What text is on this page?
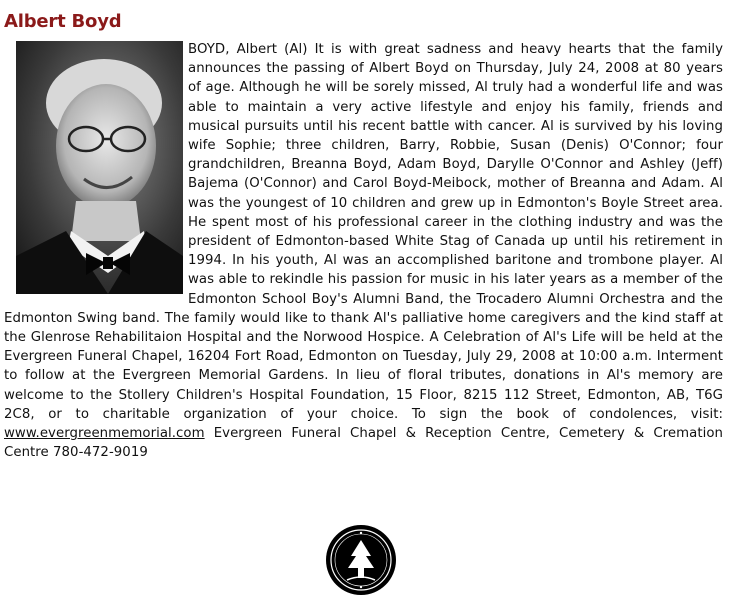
Albert Boyd
BOYD, Albert (Al) It is with great sadness and heavy hearts that the family announces the passing of Albert Boyd on Thursday, July 24, 2008 at 80 years of age. Although he will be sorely missed, Al truly had a wonderful life and was able to maintain a very active lifestyle and enjoy his family, friends and musical pursuits until his recent battle with cancer. Al is survived by his loving wife Sophie; three children, Barry, Robbie, Susan (Denis) O'Connor; four grandchildren, Breanna Boyd, Adam Boyd, Darylle O'Connor and Ashley (Jeff) Bajema (O'Connor) and Carol Boyd-Meibock, mother of Breanna and Adam. Al was the youngest of 10 children and grew up in Edmonton's Boyle Street area. He spent most of his professional career in the clothing industry and was the president of Edmonton-based White Stag of Canada up until his retirement in 1994. In his youth, Al was an accomplished baritone and trombone player. Al was able to rekindle his passion for music in his later years as a member of the Edmonton School Boy's Alumni Band, the Trocadero Alumni Orchestra and the Edmonton Swing band. The family would like to thank Al's palliative home caregivers and the kind staff at the Glenrose Rehabilitaion Hospital and the Norwood Hospice. A Celebration of Al's Life will be held at the Evergreen Funeral Chapel, 16204 Fort Road, Edmonton on Tuesday, July 29, 2008 at 10:00 a.m. Interment to follow at the Evergreen Memorial Gardens. In lieu of floral tributes, donations in Al's memory are welcome to the Stollery Children's Hospital Foundation, 15 Floor, 8215 112 Street, Edmonton, AB, T6G 2C8, or to charitable organization of your choice. To sign the book of condolences, visit: www.evergreenmemorial.com Evergreen Funeral Chapel & Reception Centre, Cemetery & Cremation Centre 780-472-9019
